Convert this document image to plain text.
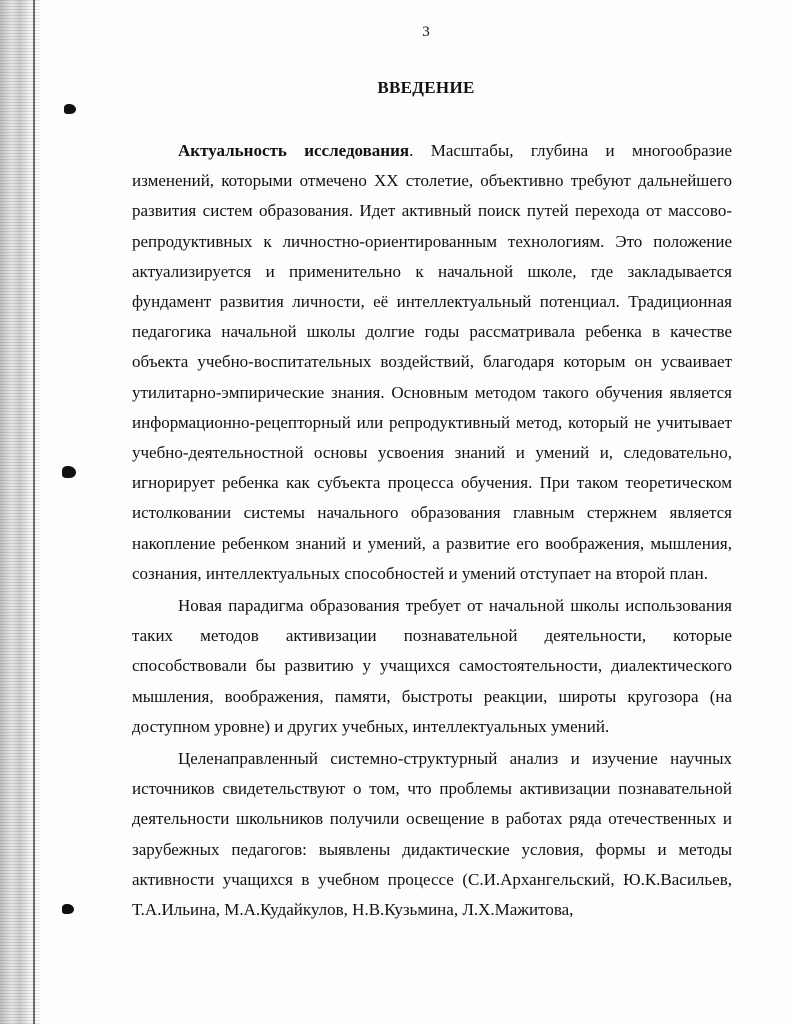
3
ВВЕДЕНИЕ

Актуальность исследования. Масштабы, глубина и многообразие изменений, которыми отмечено XX столетие, объективно требуют дальнейшего развития систем образования. Идет активный поиск путей перехода от массово-репродуктивных к личностно-ориентированным технологиям. Это положение актуализируется и применительно к начальной школе, где закладывается фундамент развития личности, её интеллектуальный потенциал. Традиционная педагогика начальной школы долгие годы рассматривала ребенка в качестве объекта учебно-воспитательных воздействий, благодаря которым он усваивает утилитарно-эмпирические знания. Основным методом такого обучения является информационно-рецепторный или репродуктивный метод, который не учитывает учебно-деятельностной основы усвоения знаний и умений и, следовательно, игнорирует ребенка как субъекта процесса обучения. При таком теоретическом истолковании системы начального образования главным стержнем является накопление ребенком знаний и умений, а развитие его воображения, мышления, сознания, интеллектуальных способностей и умений отступает на второй план.

Новая парадигма образования требует от начальной школы использования таких методов активизации познавательной деятельности, которые способствовали бы развитию у учащихся самостоятельности, диалектического мышления, воображения, памяти, быстроты реакции, широты кругозора (на доступном уровне) и других учебных, интеллектуальных умений.

Целенаправленный системно-структурный анализ и изучение научных источников свидетельствуют о том, что проблемы активизации познавательной деятельности школьников получили освещение в работах ряда отечественных и зарубежных педагогов: выявлены дидактические условия, формы и методы активности учащихся в учебном процессе (С.И.Архангельский, Ю.К.Васильев, Т.А.Ильина, М.А.Кудайкулов, Н.В.Кузьмина, Л.Х.Мажитова,
